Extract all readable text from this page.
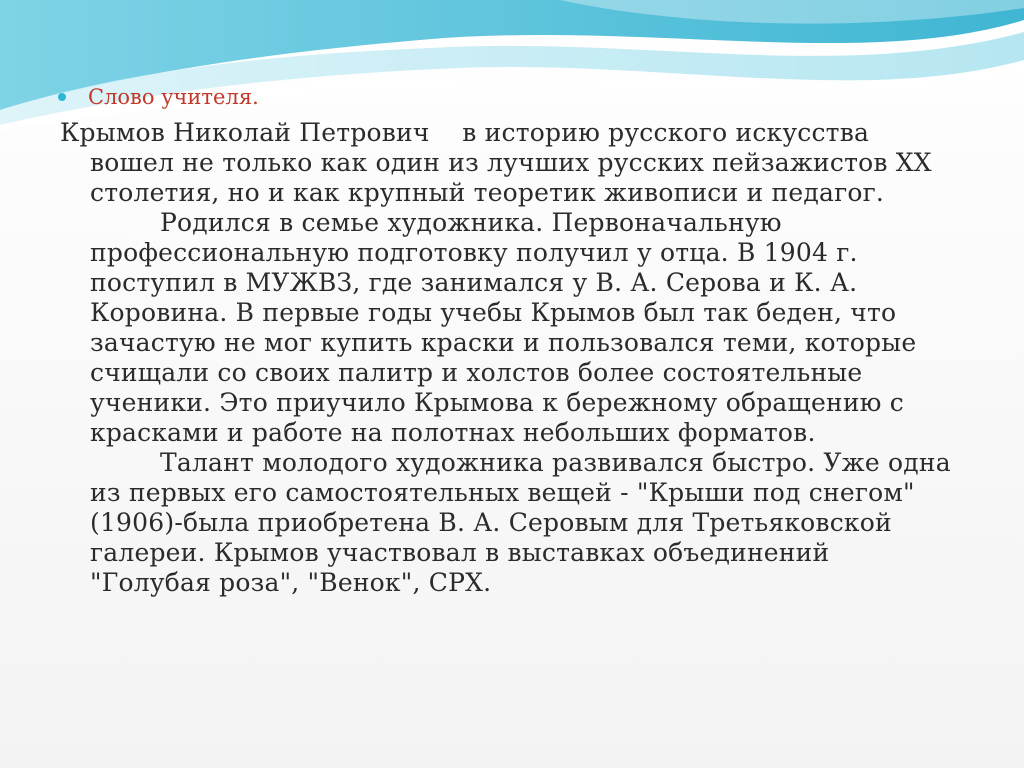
Слово учителя.
Крымов Николай Петрович    в историю русского искусства
вошел не только как один из лучших русских пейзажистов XX
столетия, но и как крупный теоретик живописи и педагог.
Родился в семье художника. Первоначальную
профессиональную подготовку получил у отца. В 1904 г.
поступил в МУЖВЗ, где занимался у В. А. Серова и К. А.
Коровина. В первые годы учебы Крымов был так беден, что
зачастую не мог купить краски и пользовался теми, которые
счищали со своих палитр и холстов более состоятельные
ученики. Это приучило Крымова к бережному обращению с
красками и работе на полотнах небольших форматов.
Талант молодого художника развивался быстро. Уже одна
из первых его самостоятельных вещей - "Крыши под снегом"
(1906)-была приобретена В. А. Серовым для Третьяковской
галереи. Крымов участвовал в выставках объединений
"Голубая роза", "Венок", СРХ.
